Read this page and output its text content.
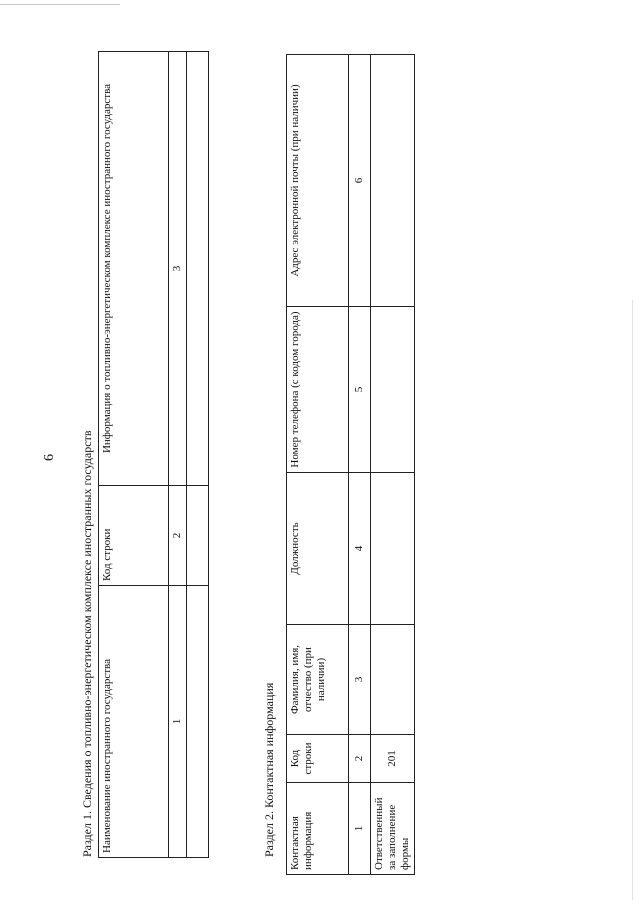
6 Раздел 1. Сведения о топливно-энергетическом комплексе иностранных государств Наименование иностранного государства	Код строки	Информация о топливно-энергетическом комплексе иностранного государства
1	2	3

Раздел 2. Контактная информация Контактная информация	Код строки	Фамилия, имя, отчество (при наличии)	Должность	Номер телефона (с кодом города)	Адрес электронной почты (при наличии)
1	2	3	4	5	6
Ответственный за заполнение формы	201				
